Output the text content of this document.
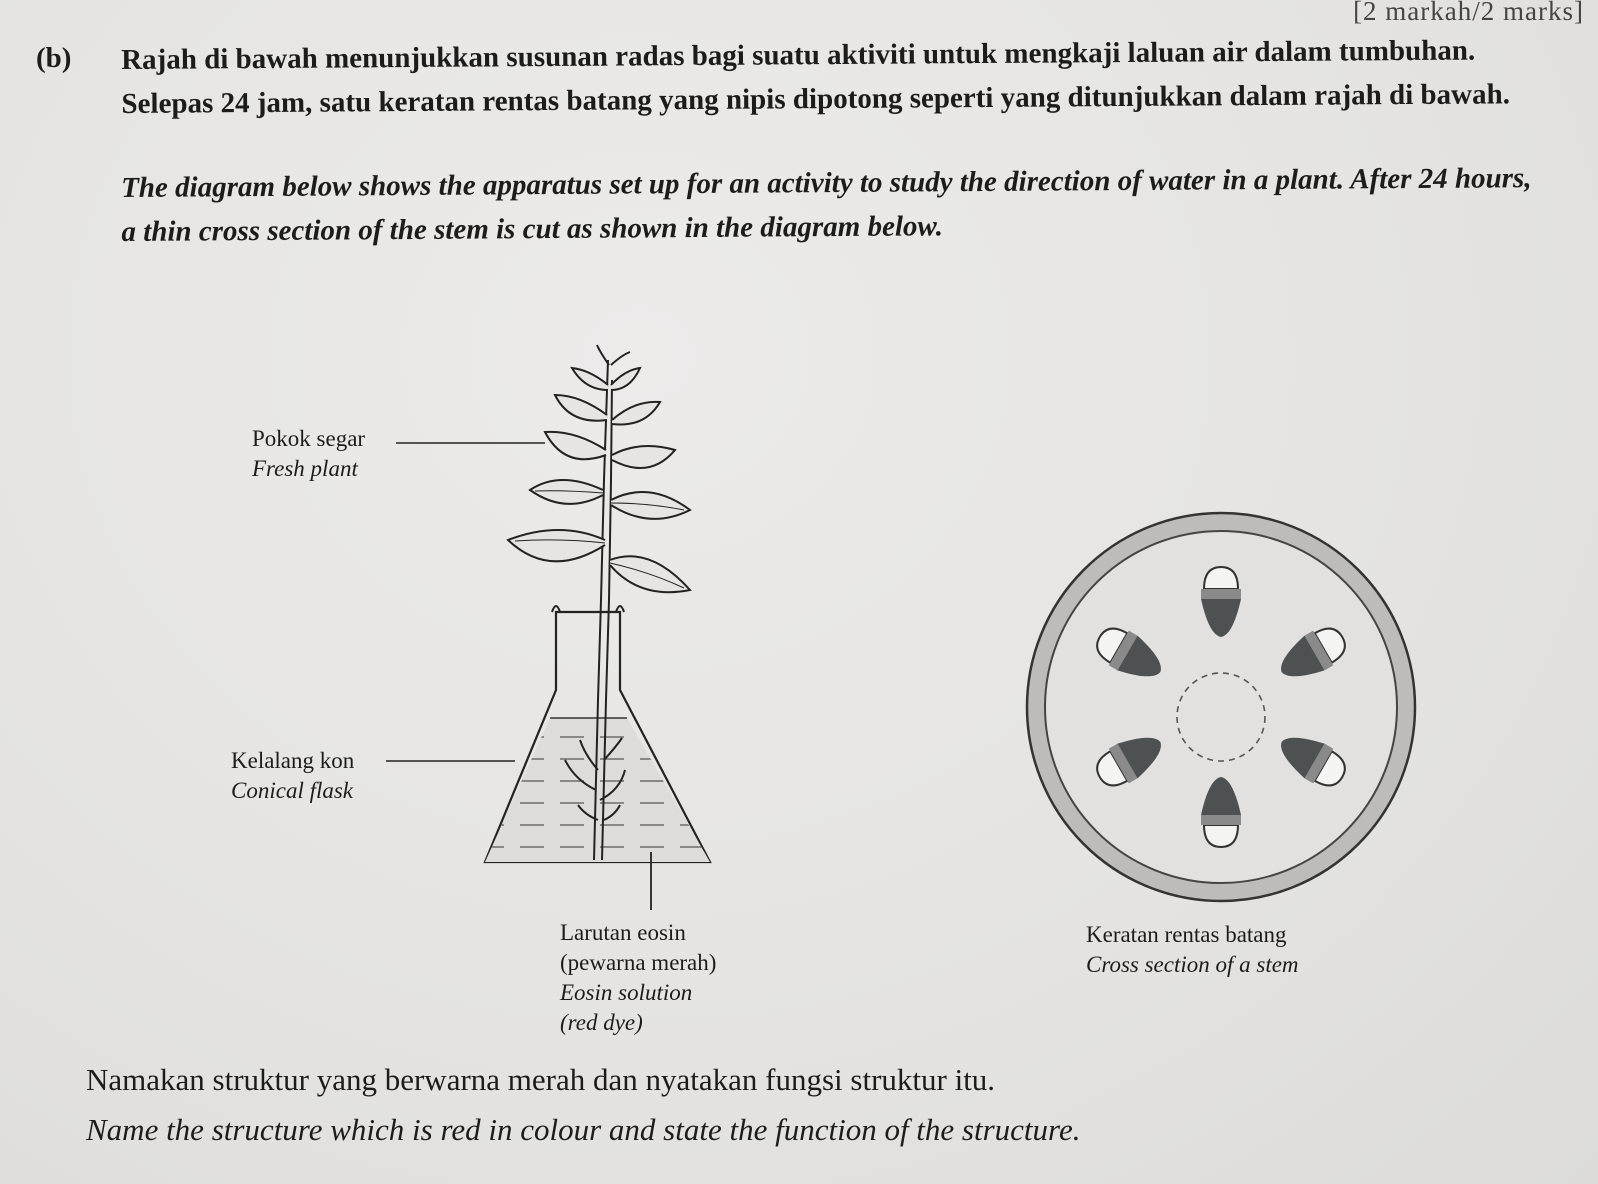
[2 markah/2 marks]
(b) Rajah di bawah menunjukkan susunan radas bagi suatu aktiviti untuk mengkaji laluan air dalam tumbuhan. Selepas 24 jam, satu keratan rentas batang yang nipis dipotong seperti yang ditunjukkan dalam rajah di bawah.

The diagram below shows the apparatus set up for an activity to study the direction of water in a plant. After 24 hours, a thin cross section of the stem is cut as shown in the diagram below.

Pokok segar
Fresh plant
Kelalang kon
Conical flask
Larutan eosin
(pewarna merah)
Eosin solution
(red dye)
Keratan rentas batang
Cross section of a stem
Namakan struktur yang berwarna merah dan nyatakan fungsi struktur itu.
Name the structure which is red in colour and state the function of the structure.
